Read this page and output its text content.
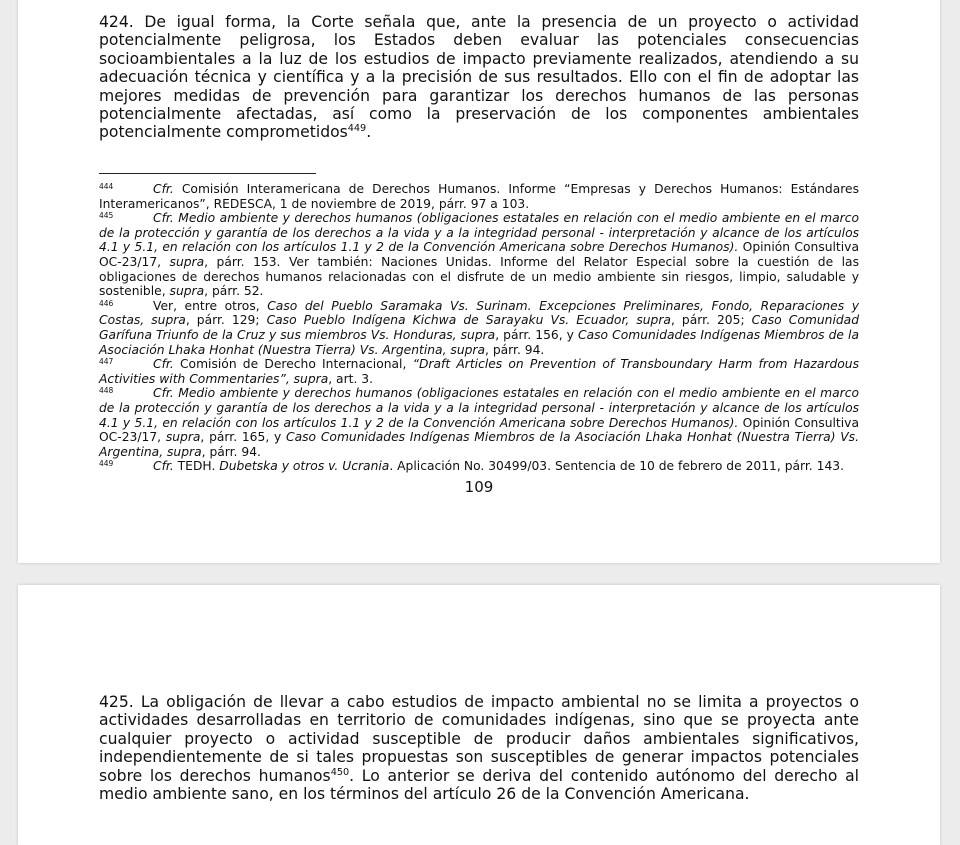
424. De igual forma, la Corte señala que, ante la presencia de un proyecto o actividad potencialmente peligrosa, los Estados deben evaluar las potenciales consecuencias socioambientales a la luz de los estudios de impacto previamente realizados, atendiendo a su adecuación técnica y científica y a la precisión de sus resultados. Ello con el fin de adoptar las mejores medidas de prevención para garantizar los derechos humanos de las personas potencialmente afectadas, así como la preservación de los componentes ambientales potencialmente comprometidos$^{449}$.

444	Cfr. Comisión Interamericana de Derechos Humanos. Informe “Empresas y Derechos Humanos: Estándares Interamericanos”, REDESCA, 1 de noviembre de 2019, párr. 97 a 103.

445	Cfr. Medio ambiente y derechos humanos (obligaciones estatales en relación con el medio ambiente en el marco de la protección y garantía de los derechos a la vida y a la integridad personal - interpretación y alcance de los artículos 4.1 y 5.1, en relación con los artículos 1.1 y 2 de la Convención Americana sobre Derechos Humanos). Opinión Consultiva OC-23/17, supra, párr. 153. Ver también: Naciones Unidas. Informe del Relator Especial sobre la cuestión de las obligaciones de derechos humanos relacionadas con el disfrute de un medio ambiente sin riesgos, limpio, saludable y sostenible, supra, párr. 52.

446	Ver, entre otros, Caso del Pueblo Saramaka Vs. Surinam. Excepciones Preliminares, Fondo, Reparaciones y Costas, supra, párr. 129; Caso Pueblo Indígena Kichwa de Sarayaku Vs. Ecuador, supra, párr. 205; Caso Comunidad Garífuna Triunfo de la Cruz y sus miembros Vs. Honduras, supra, párr. 156, y Caso Comunidades Indígenas Miembros de la Asociación Lhaka Honhat (Nuestra Tierra) Vs. Argentina, supra, párr. 94.

447	Cfr. Comisión de Derecho Internacional, “Draft Articles on Prevention of Transboundary Harm from Hazardous Activities with Commentaries”, supra, art. 3.

448	Cfr. Medio ambiente y derechos humanos (obligaciones estatales en relación con el medio ambiente en el marco de la protección y garantía de los derechos a la vida y a la integridad personal - interpretación y alcance de los artículos 4.1 y 5.1, en relación con los artículos 1.1 y 2 de la Convención Americana sobre Derechos Humanos). Opinión Consultiva OC-23/17, supra, párr. 165, y Caso Comunidades Indígenas Miembros de la Asociación Lhaka Honhat (Nuestra Tierra) Vs. Argentina, supra, párr. 94.

449	Cfr. TEDH. Dubetska y otros v. Ucrania. Aplicación No. 30499/03. Sentencia de 10 de febrero de 2011, párr. 143.

109

425. La obligación de llevar a cabo estudios de impacto ambiental no se limita a proyectos o actividades desarrolladas en territorio de comunidades indígenas, sino que se proyecta ante cualquier proyecto o actividad susceptible de producir daños ambientales significativos, independientemente de si tales propuestas son susceptibles de generar impactos potenciales sobre los derechos humanos$^{450}$. Lo anterior se deriva del contenido autónomo del derecho al medio ambiente sano, en los términos del artículo 26 de la Convención Americana.
